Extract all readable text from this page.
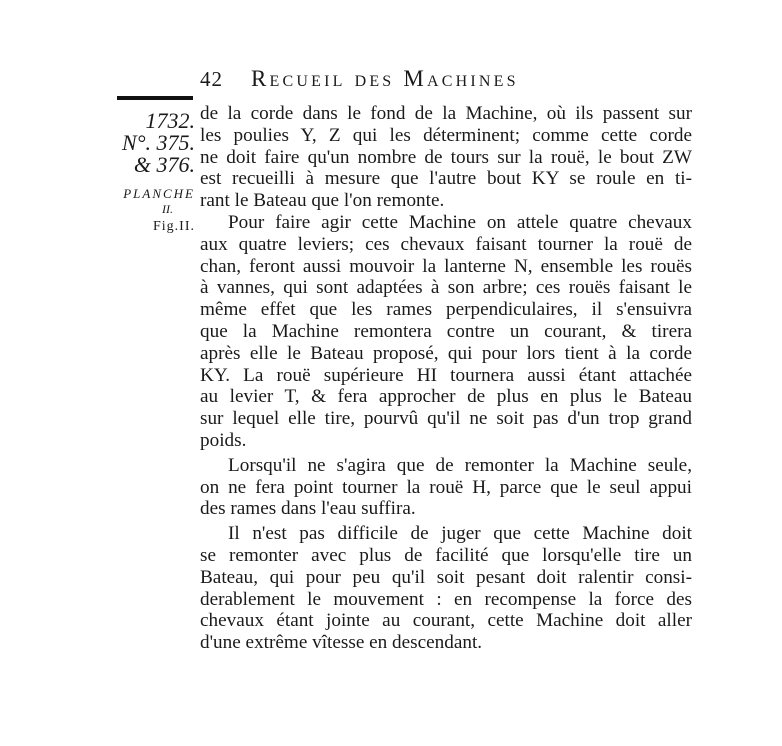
42 Recueil des Machines
1732.
N°. 375.
& 376.
PLANCHE
II.
Fig.II.
de la corde dans le fond de la Machine, où ils passent sur
les poulies Y, Z qui les déterminent; comme cette corde
ne doit faire qu'un nombre de tours sur la rouë, le bout ZW
est recueilli à mesure que l'autre bout KY se roule en ti-
rant le Bateau que l'on remonte.
Pour faire agir cette Machine on attele quatre chevaux
aux quatre leviers; ces chevaux faisant tourner la rouë de
chan, feront aussi mouvoir la lanterne N, ensemble les rouës
à vannes, qui sont adaptées à son arbre; ces rouës faisant le
même effet que les rames perpendiculaires, il s'ensuivra
que la Machine remontera contre un courant, & tirera
après elle le Bateau proposé, qui pour lors tient à la corde
KY. La rouë supérieure HI tournera aussi étant attachée
au levier T, & fera approcher de plus en plus le Bateau
sur lequel elle tire, pourvû qu'il ne soit pas d'un trop grand
poids.
Lorsqu'il ne s'agira que de remonter la Machine seule,
on ne fera point tourner la rouë H, parce que le seul appui
des rames dans l'eau suffira.
Il n'est pas difficile de juger que cette Machine doit
se remonter avec plus de facilité que lorsqu'elle tire un
Bateau, qui pour peu qu'il soit pesant doit ralentir consi-
derablement le mouvement : en recompense la force des
chevaux étant jointe au courant, cette Machine doit aller
d'une extrême vîtesse en descendant.
